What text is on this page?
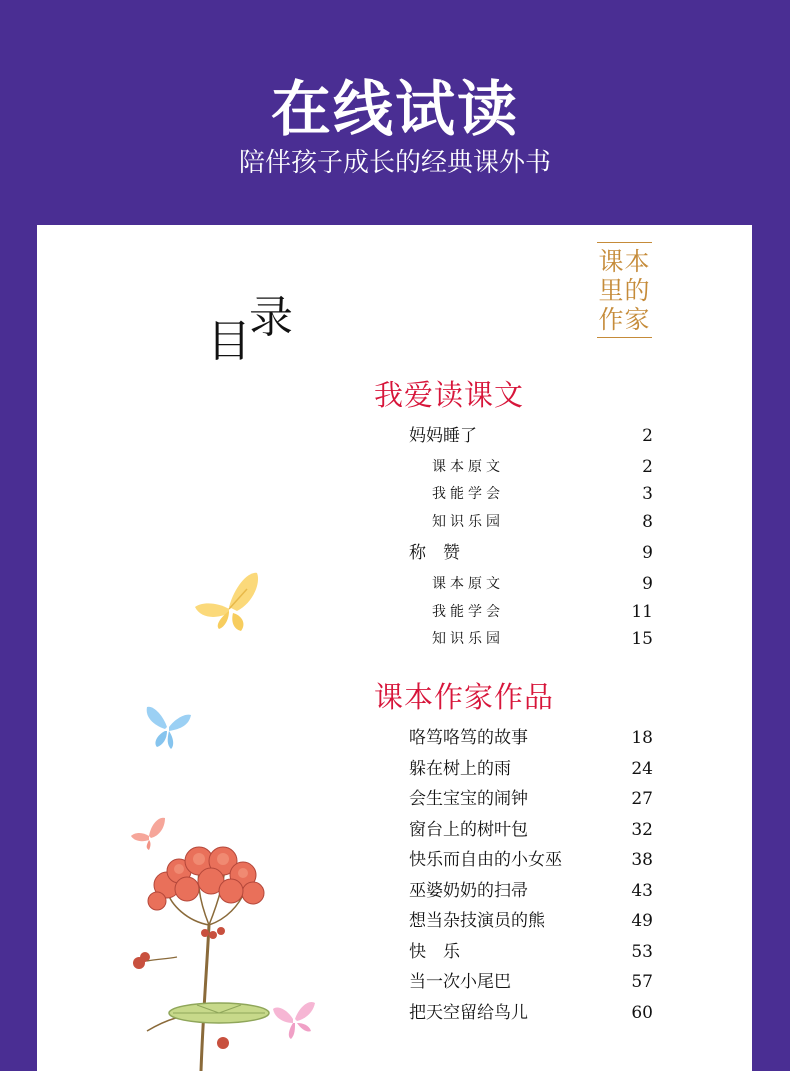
在线试读
陪伴孩子成长的经典课外书
课本
里的
作家
目
录
我爱读课文
妈妈睡了	2
课本原文	2
我能学会	3
知识乐园	8
称　赞	9
课本原文	9
我能学会	11
知识乐园	15
课本作家作品
咯笃咯笃的故事	18
躲在树上的雨	24
会生宝宝的闹钟	27
窗台上的树叶包	32
快乐而自由的小女巫	38
巫婆奶奶的扫帚	43
想当杂技演员的熊	49
快　乐	53
当一次小尾巴	57
把天空留给鸟儿	60
